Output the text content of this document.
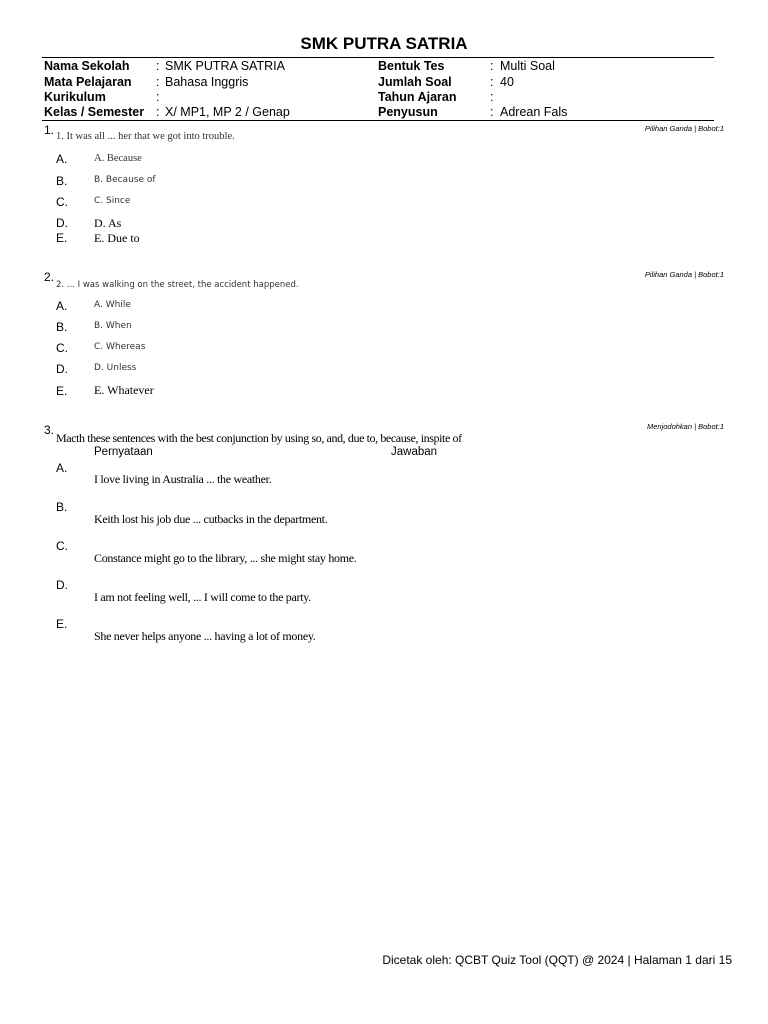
SMK PUTRA SATRIA
Nama Sekolah : SMK PUTRA SATRIA
Mata Pelajaran : Bahasa Inggris
Kurikulum	:
Kelas / Semester : X/ MP1, MP 2 / Genap
Bentuk Tes	: Multi Soal
Jumlah Soal	: 40
Tahun Ajaran	:
Penyusun	: Adrean Fals
1.	Pilihan Ganda | Bobot:1
1. It was all ... her that we got into trouble.
A.	A. Because
B.	B. Because of
C.	C. Since
D. D. As
E. E. Due to
2.	Pilihan Ganda | Bobot:1
2. ... I was walking on the street, the accident happened.
A.	A. While
B.	B. When
C.	C. Whereas
D.	D. Unless
E. E. Whatever
3.	Menjodohkan | Bobot:1
Macth these sentences with the best conjunction by using so, and, due to, because, inspite of
Pernyataan	Jawaban
A.
I love living in Australia ... the weather.
B.
Keith lost his job due ... cutbacks in the department.
C.
Constance might go to the library, ... she might stay home.
D.
I am not feeling well, ... I will come to the party.
E.
She never helps anyone ... having a lot of money.
Dicetak oleh: QCBT Quiz Tool (QQT) @ 2024 | Halaman 1 dari 15
